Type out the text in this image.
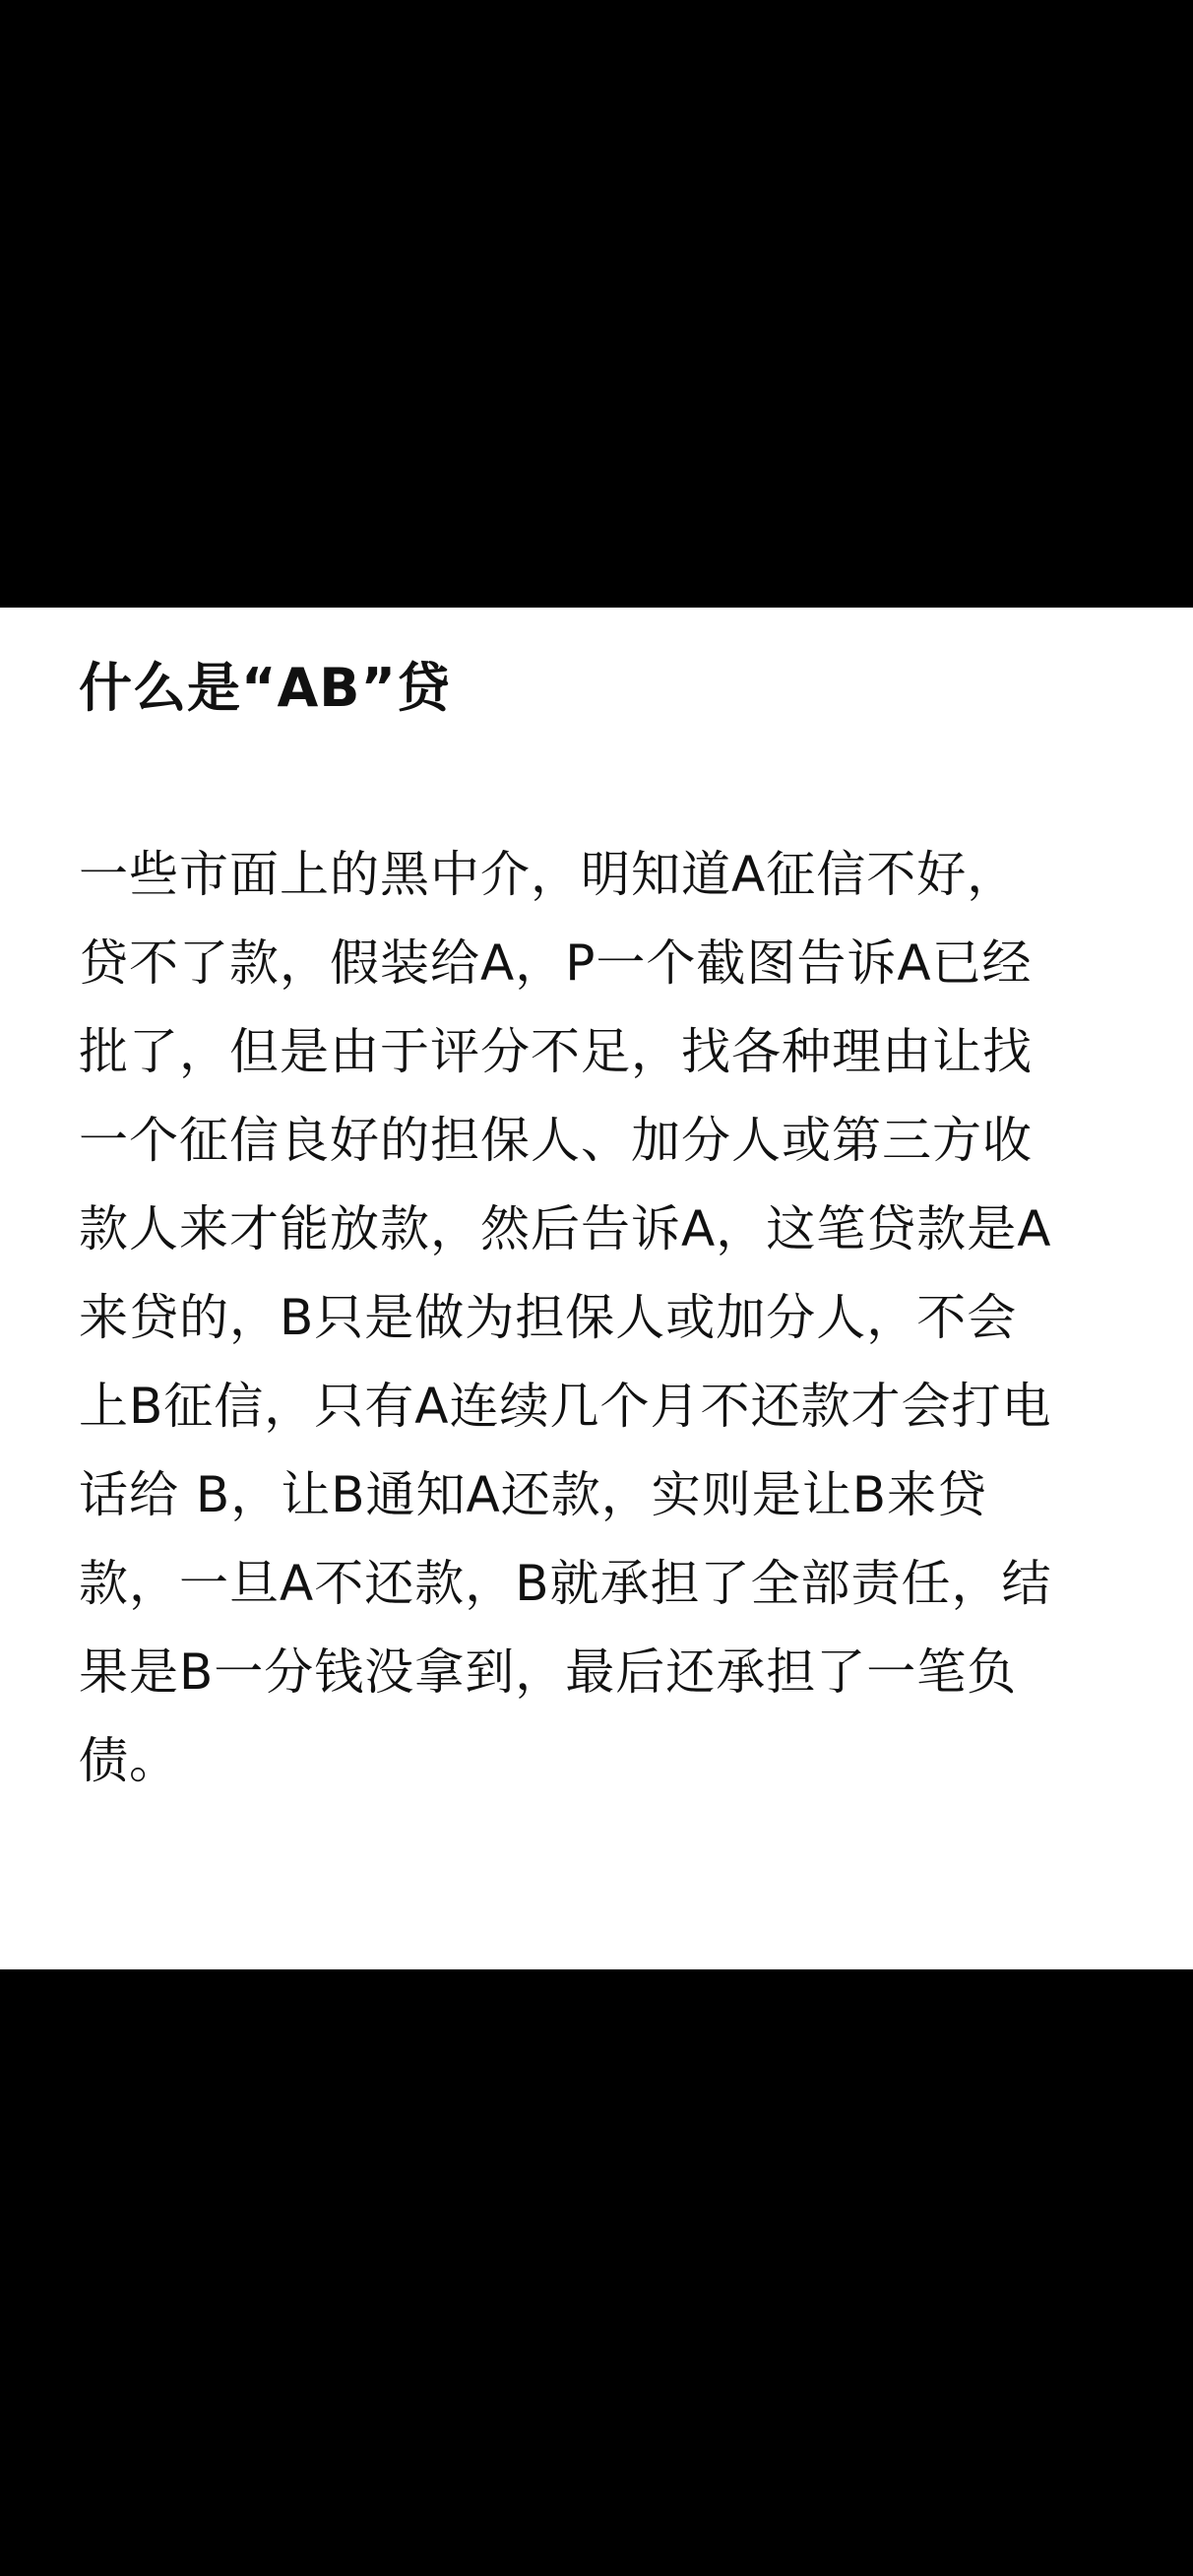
什么是“AB”贷
一些市面上的黑中介，明知道A征信不好，
贷不了款，假装给A，P一个截图告诉A已经
批了，但是由于评分不足，找各种理由让找
一个征信良好的担保人、加分人或第三方收
款人来才能放款，然后告诉A，这笔贷款是A
来贷的，B只是做为担保人或加分人，不会
上B征信，只有A连续几个月不还款才会打电
话给 B，让B通知A还款，实则是让B来贷
款，一旦A不还款，B就承担了全部责任，结
果是B一分钱没拿到，最后还承担了一笔负
债。
